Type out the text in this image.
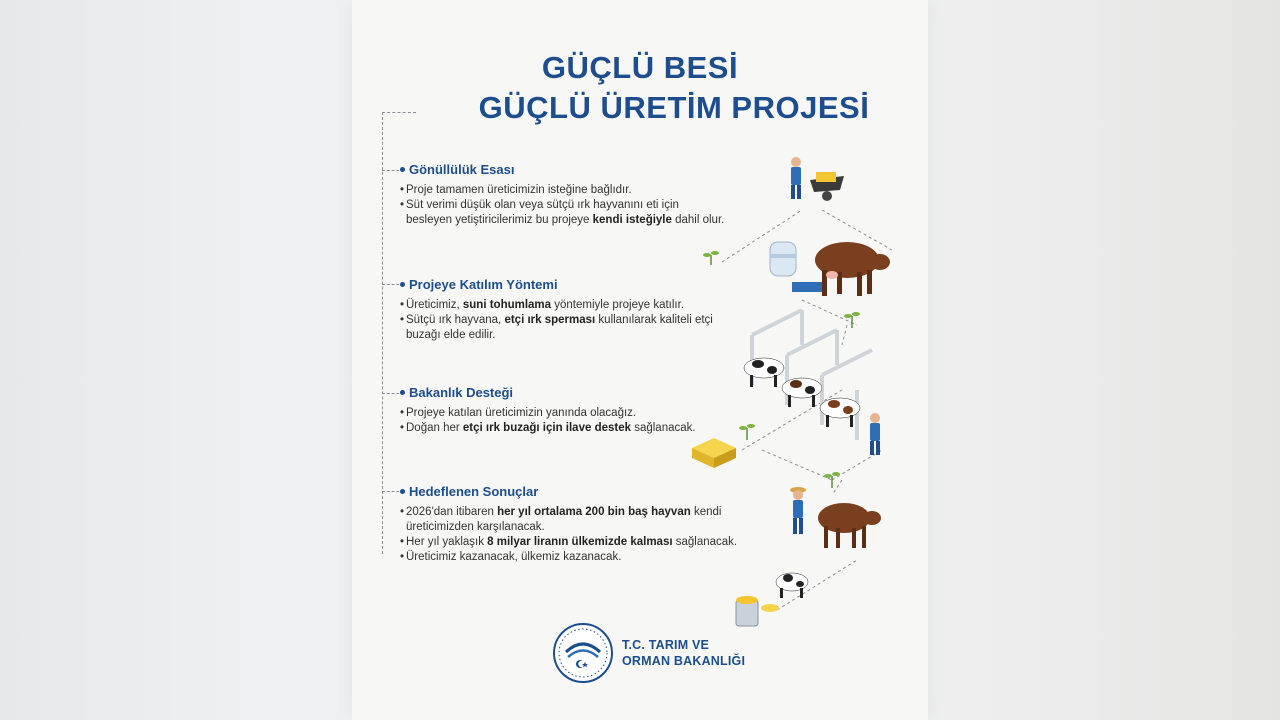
GÜÇLÜ BESİ
GÜÇLÜ ÜRETİM PROJESİ
Gönüllülük Esası
• Proje tamamen üreticimizin isteğine bağlıdır.
• Süt verimi düşük olan veya sütçü ırk hayvanını eti için
besleyen yetiştiricilerimiz bu projeye kendi isteğiyle dahil olur.
Projeye Katılım Yöntemi
• Üreticimiz, suni tohumlama yöntemiyle projeye katılır.
• Sütçü ırk hayvana, etçi ırk sperması kullanılarak kaliteli etçi
buzağı elde edilir.
Bakanlık Desteği
• Projeye katılan üreticimizin yanında olacağız.
• Doğan her etçi ırk buzağı için ilave destek sağlanacak.
Hedeflenen Sonuçlar
• 2026'dan itibaren her yıl ortalama 200 bin baş hayvan kendi
üreticimizden karşılanacak.
• Her yıl yaklaşık 8 milyar liranın ülkemizde kalması sağlanacak.
• Üreticimiz kazanacak, ülkemiz kazanacak.
T.C. TARIM VE
ORMAN BAKANLIĞI
